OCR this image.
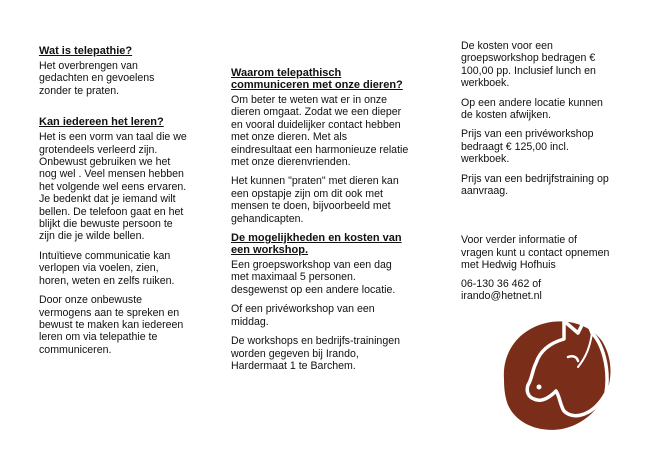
Wat is telepathie?

Het overbrengen van gedachten en gevoelens zonder te praten.

Kan iedereen het leren?

Het is een vorm van taal die we grotendeels verleerd zijn. Onbewust gebruiken we het nog wel . Veel mensen hebben het volgende wel eens ervaren. Je bedenkt dat je iemand wilt bellen. De telefoon gaat en het blijkt die bewuste persoon te zijn die je wilde bellen.

Intuïtieve communicatie kan verlopen via voelen, zien, horen, weten en zelfs ruiken.

Door onze onbewuste vermogens aan te spreken en bewust te maken kan iedereen leren om via telepathie te communiceren.

Waarom telepathisch communiceren met onze dieren?

Om beter te weten wat er in onze dieren omgaat. Zodat we een dieper en vooral duidelijker contact hebben met onze dieren. Met als eindresultaat een harmonieuze relatie met onze dierenvrienden.

Het kunnen "praten" met dieren kan een opstapje zijn om dit ook met mensen te doen, bijvoorbeeld met gehandicapten.

De mogelijkheden en kosten van een workshop.

Een groepsworkshop van een dag met maximaal 5 personen. desgewenst op een andere locatie.

Of een privéworkshop van een middag.

De workshops en bedrijfs-trainingen worden gegeven bij Irando, Hardermaat 1 te Barchem.

De kosten voor een groepsworkshop bedragen € 100,00 pp. Inclusief lunch en werkboek.

Op een andere locatie kunnen de kosten afwijken.

Prijs van een privéworkshop bedraagt € 125,00 incl. werkboek.

Prijs van een bedrijfstraining op aanvraag.

Voor verder informatie of vragen kunt u contact opnemen met Hedwig Hofhuis

06-130 36 462 of irando@hetnet.nl
